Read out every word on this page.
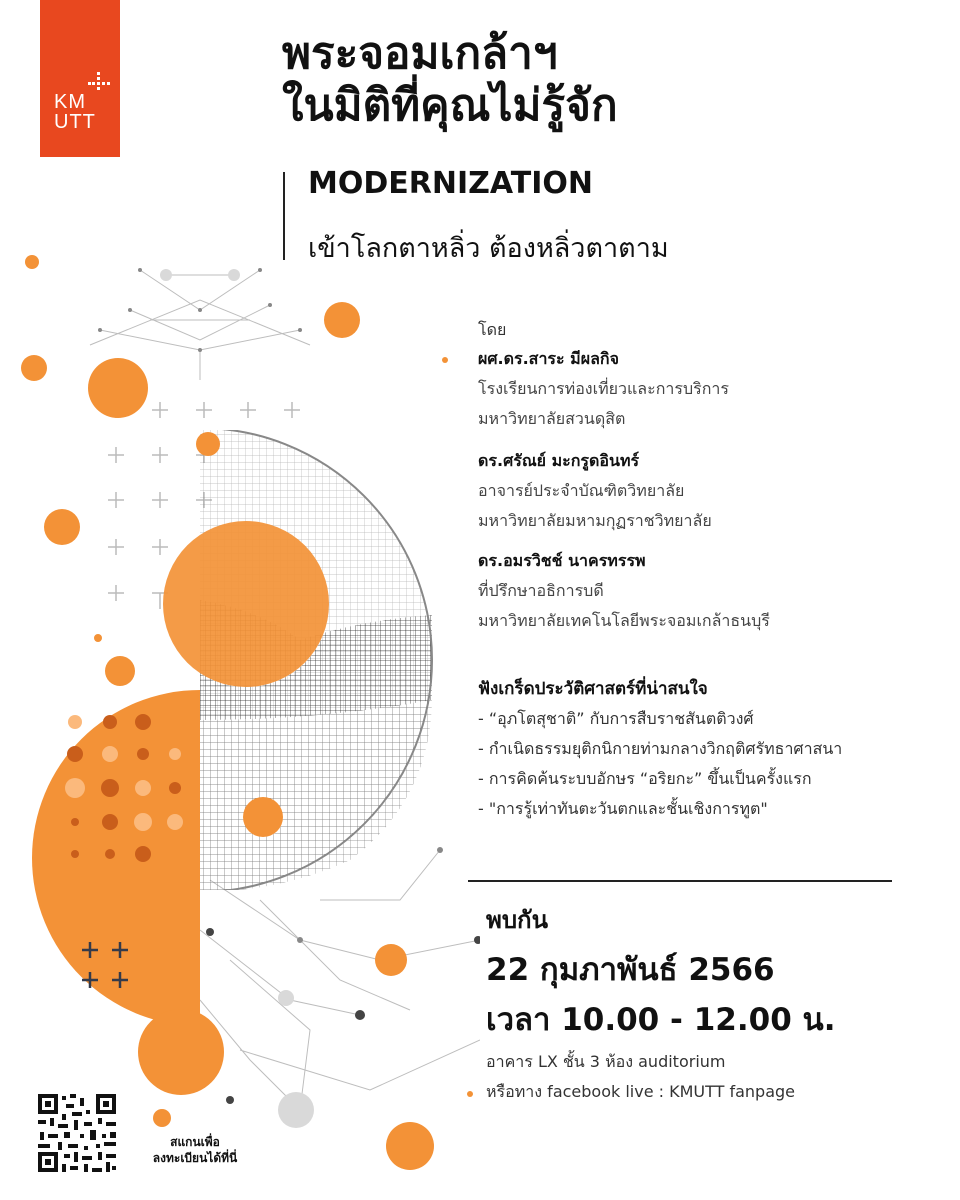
KM
UTT
พระจอมเกล้าฯ
ในมิติที่คุณไม่รู้จัก
MODERNIZATION
เข้าโลกตาหลิ่ว ต้องหลิ่วตาตาม
โดย
ผศ.ดร.สาระ มีผลกิจ
โรงเรียนการท่องเที่ยวและการบริการ
มหาวิทยาลัยสวนดุสิต
ดร.ศรัณย์ มะกรูดอินทร์
อาจารย์ประจำบัณฑิตวิทยาลัย
มหาวิทยาลัยมหามกุฏราชวิทยาลัย
ดร.อมรวิชช์ นาครทรรพ
ที่ปรึกษาอธิการบดี
มหาวิทยาลัยเทคโนโลยีพระจอมเกล้าธนบุรี
ฟังเกร็ดประวัติศาสตร์ที่น่าสนใจ
- “อุภโตสุชาติ” กับการสืบราชสันตติวงศ์
- กำเนิดธรรมยุติกนิกายท่ามกลางวิกฤติศรัทธาศาสนา
- การคิดค้นระบบอักษร “อริยกะ” ขึ้นเป็นครั้งแรก
- "การรู้เท่าทันตะวันตกและชั้นเชิงการทูต"
พบกัน
22 กุมภาพันธ์ 2566
เวลา 10.00 - 12.00 น.
อาคาร LX ชั้น 3 ห้อง auditorium
หรือทาง facebook live : KMUTT fanpage
สแกนเพื่อ
ลงทะเบียนได้ที่นี่
